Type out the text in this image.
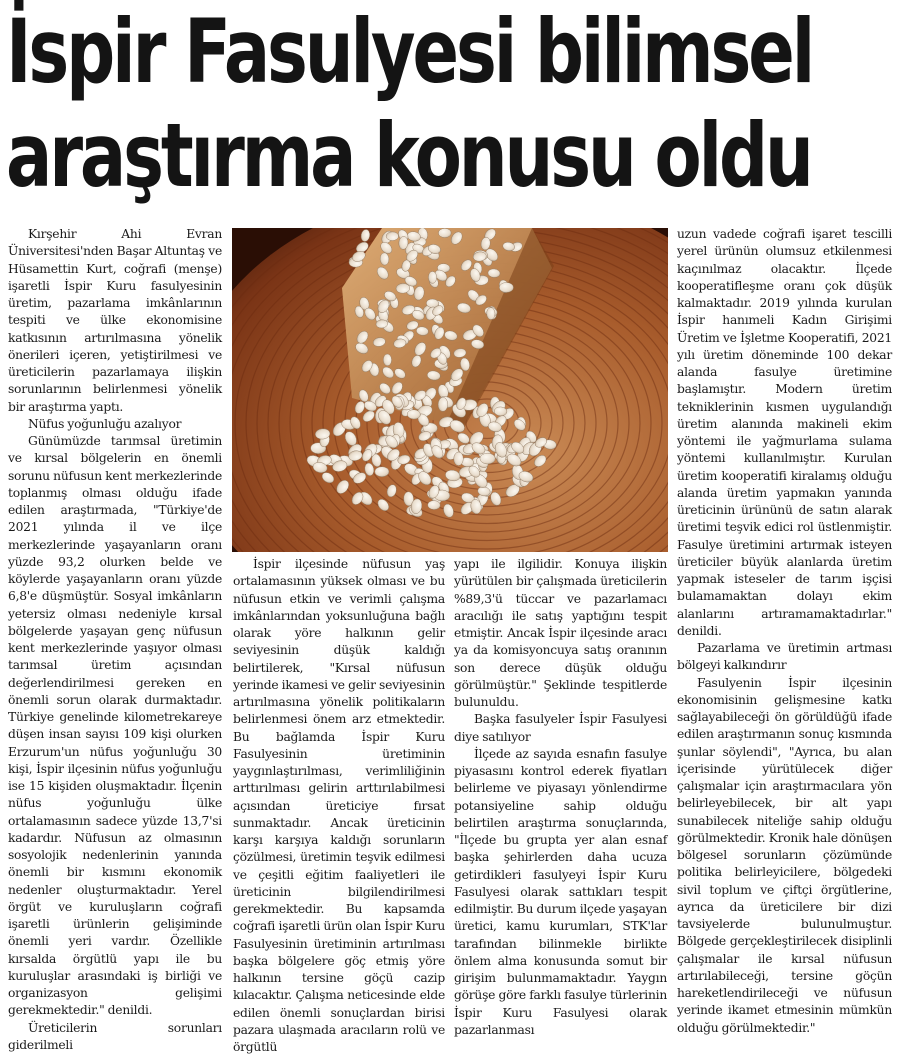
İspir Fasulyesi bilimsel
araştırma konusu oldu

Kırşehir Ahi Evran Üniversitesi'nden Başar Altuntaş ve Hüsamettin Kurt, coğrafi (menşe) işaretli İspir Kuru fasulyesinin üretim, pazarlama imkânlarının tespiti ve ülke ekonomisine katkısının artırılmasına yönelik önerileri içeren, yetiştirilmesi ve üreticilerin pazarlamaya ilişkin sorunlarının belirlenmesi yönelik bir araştırma yaptı.

Nüfus yoğunluğu azalıyor

Günümüzde tarımsal üretimin ve kırsal bölgelerin en önemli sorunu nüfusun kent merkezlerinde toplanmış olması olduğu ifade edilen araştırmada, "Türkiye'de 2021 yılında il ve ilçe merkezlerinde yaşayanların oranı yüzde 93,2 olurken belde ve köylerde yaşayanların oranı yüzde 6,8'e düşmüştür. Sosyal imkânların yetersiz olması nedeniyle kırsal bölgelerde yaşayan genç nüfusun kent merkezlerinde yaşıyor olması tarımsal üretim açısından değerlendirilmesi gereken en önemli sorun olarak durmaktadır. Türkiye genelinde kilometrekareye düşen insan sayısı 109 kişi olurken Erzurum'un nüfus yoğunluğu 30 kişi, İspir ilçesinin nüfus yoğunluğu ise 15 kişiden oluşmaktadır. İlçenin nüfus yoğunluğu ülke ortalamasının sadece yüzde 13,7'si kadardır. Nüfusun az olmasının sosyolojik nedenlerinin yanında önemli bir kısmını ekonomik nedenler oluşturmaktadır. Yerel örgüt ve kuruluşların coğrafi işaretli ürünlerin gelişiminde önemli yeri vardır. Özellikle kırsalda örgütlü yapı ile bu kuruluşlar arasındaki iş birliği ve organizasyon gelişimi gerekmektedir." denildi.

Üreticilerin sorunları giderilmeli

İspir ilçesinde nüfusun yaş ortalamasının yüksek olması ve bu nüfusun etkin ve verimli çalışma imkânlarından yoksunluğuna bağlı olarak yöre halkının gelir seviyesinin düşük kaldığı belirtilerek, "Kırsal nüfusun yerinde ikamesi ve gelir seviyesinin artırılmasına yönelik politikaların belirlenmesi önem arz etmektedir. Bu bağlamda İspir Kuru Fasulyesinin üretiminin yaygınlaştırılması, verimliliğinin arttırılması gelirin arttırılabilmesi açısından üreticiye fırsat sunmaktadır. Ancak üreticinin karşı karşıya kaldığı sorunların çözülmesi, üretimin teşvik edilmesi ve çeşitli eğitim faaliyetleri ile üreticinin bilgilendirilmesi gerekmektedir. Bu kapsamda coğrafi işaretli ürün olan İspir Kuru Fasulyesinin üretiminin artırılması başka bölgelere göç etmiş yöre halkının tersine göçü cazip kılacaktır. Çalışma neticesinde elde edilen önemli sonuçlardan birisi pazara ulaşmada aracıların rolü ve örgütlü

yapı ile ilgilidir. Konuya ilişkin yürütülen bir çalışmada üreticilerin %89,3'ü tüccar ve pazarlamacı aracılığı ile satış yaptığını tespit etmiştir. Ancak İspir ilçesinde aracı ya da komisyoncuya satış oranının son derece düşük olduğu görülmüştür." Şeklinde tespitlerde bulunuldu.

Başka fasulyeler İspir Fasulyesi diye satılıyor

İlçede az sayıda esnafın fasulye piyasasını kontrol ederek fiyatları belirleme ve piyasayı yönlendirme potansiyeline sahip olduğu belirtilen araştırma sonuçlarında, "İlçede bu grupta yer alan esnaf başka şehirlerden daha ucuza getirdikleri fasulyeyi İspir Kuru Fasulyesi olarak sattıkları tespit edilmiştir. Bu durum ilçede yaşayan üretici, kamu kurumları, STK'lar tarafından bilinmekle birlikte önlem alma konusunda somut bir girişim bulunmamaktadır. Yaygın görüşe göre farklı fasulye türlerinin İspir Kuru Fasulyesi olarak pazarlanması

uzun vadede coğrafi işaret tescilli yerel ürünün olumsuz etkilenmesi kaçınılmaz olacaktır. İlçede kooperatifleşme oranı çok düşük kalmaktadır. 2019 yılında kurulan İspir hanımeli Kadın Girişimi Üretim ve İşletme Kooperatifi, 2021 yılı üretim döneminde 100 dekar alanda fasulye üretimine başlamıştır. Modern üretim tekniklerinin kısmen uygulandığı üretim alanında makineli ekim yöntemi ile yağmurlama sulama yöntemi kullanılmıştır. Kurulan üretim kooperatifi kiralamış olduğu alanda üretim yapmakın yanında üreticinin ürününü de satın alarak üretimi teşvik edici rol üstlenmiştir. Fasulye üretimini artırmak isteyen üreticiler büyük alanlarda üretim yapmak isteseler de tarım işçisi bulamamaktan dolayı ekim alanlarını artıramamaktadırlar." denildi.

Pazarlama ve üretimin artması bölgeyi kalkındırır

Fasulyenin İspir ilçesinin ekonomisinin gelişmesine katkı sağlayabileceği ön görüldüğü ifade edilen araştırmanın sonuç kısmında şunlar söylendi", "Ayrıca, bu alan içerisinde yürütülecek diğer çalışmalar için araştırmacılara yön belirleyebilecek, bir alt yapı sunabilecek niteliğe sahip olduğu görülmektedir. Kronik hale dönüşen bölgesel sorunların çözümünde politika belirleyicilere, bölgedeki sivil toplum ve çiftçi örgütlerine, ayrıca da üreticilere bir dizi tavsiyelerde bulunulmuştur. Bölgede gerçekleştirilecek disiplinli çalışmalar ile kırsal nüfusun artırılabileceği, tersine göçün hareketlendirileceği ve nüfusun yerinde ikamet etmesinin mümkün olduğu görülmektedir."
